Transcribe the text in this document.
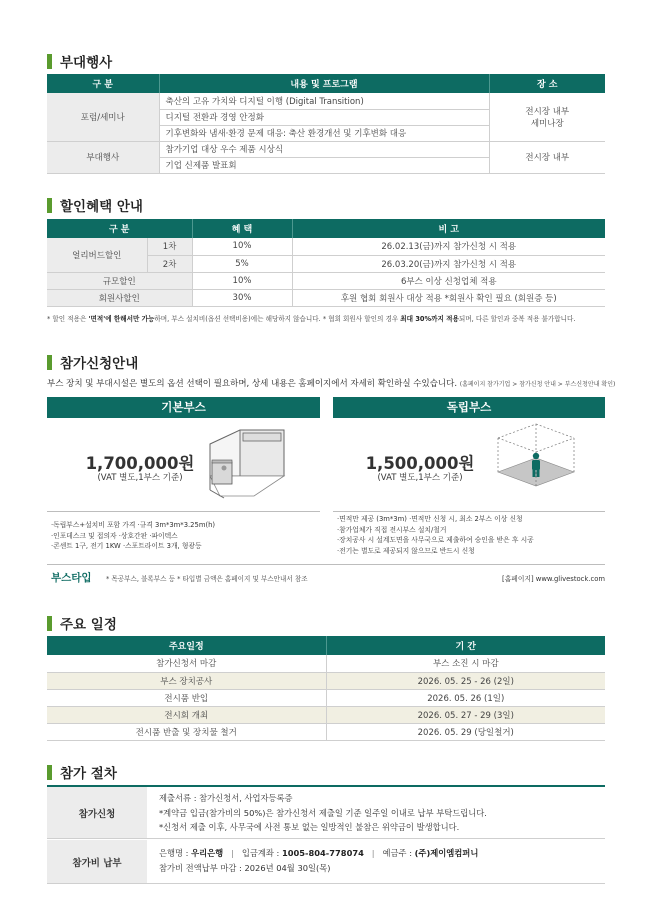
부대행사
구 분	내용 및 프로그램	장 소
포럼/세미나	축산의 고유 가치와 디지털 이행 (Digital Transition)	전시장 내부
세미나장

	디지털 전환과 경영 안정화	
	기후변화와 냄새·환경 문제 대응: 축산 환경개선 및 기후변화 대응	
부대행사	참가기업 대상 우수 제품 시상식	전시장 내부
	기업 신제품 발표회	
할인혜택 안내
구 분		혜 택	비 고
얼리버드할인	1차	10%	26.02.13(금)까지 참가신청 시 적용
	2차	5%	26.03.20(금)까지 참가신청 시 적용
규모할인		10%	6부스 이상 신청업체 적용
회원사할인		30%	후원 협회 회원사 대상 적용 *회원사 확인 필요 (회원증 등)
* 할인 적용은 '면적'에 한해서만 가능하며, 부스 설치비(옵션 선택비용)에는 해당하지 않습니다. * 협회 회원사 할인의 경우 최대 30%까지 적용되며, 다른 할인과 중복 적용 불가합니다.
참가신청안내
부스 장치 및 부대시설은 별도의 옵션 선택이 필요하며, 상세 내용은 홈페이지에서 자세히 확인하실 수있습니다. (홈페이지 참가기업 > 참가신청 안내 > 부스신청안내 확인)
기본부스
1,700,000원
(VAT 별도,1부스 기준)
·독립부스+설치비 포함 가격 ·규격 3m*3m*3.25m(h)
·인포데스크 및 접의자 ·상호간판 ·파이텍스
·콘센트 1구, 전기 1KW ·스포트라이트 3개, 형광등
독립부스
1,500,000원
(VAT 별도,1부스 기준)
·면적만 제공 (3m*3m) ·면적만 신청 시, 최소 2부스 이상 신청
·참가업체가 직접 전시부스 설치/철거
·장치공사 시 설계도면을 사무국으로 제출하여 승인을 받은 후 시공
·전기는 별도로 제공되지 않으므로 반드시 신청
부스타입 * 목공부스, 블록부스 등 * 타입별 금액은 홈페이지 및 부스안내서 참조	[홈페이지] www.glivestock.com
주요 일정
주요일정	기 간
참가신청서 마감	부스 소진 시 마감
부스 장치공사	2026. 05. 25 - 26 (2일)
전시품 반입	2026. 05. 26 (1일)
전시회 개최	2026. 05. 27 - 29 (3일)
전시품 반출 및 장치물 철거	2026. 05. 29 (당일철거)
참가 절차
참가신청
제출서류 : 참가신청서, 사업자등록증
*계약금 입금(참가비의 50%)은 참가신청서 제출일 기준 일주일 이내로 납부 부탁드립니다.
*신청서 제출 이후, 사무국에 사전 통보 없는 일방적인 불참은 위약금이 발생합니다.
참가비 납부
은행명 : 우리은행   |   입금계좌 : 1005-804-778074   |   예금주 : (주)제이엠컴퍼니
참가비 전액납부 마감 : 2026년 04월 30일(목)
